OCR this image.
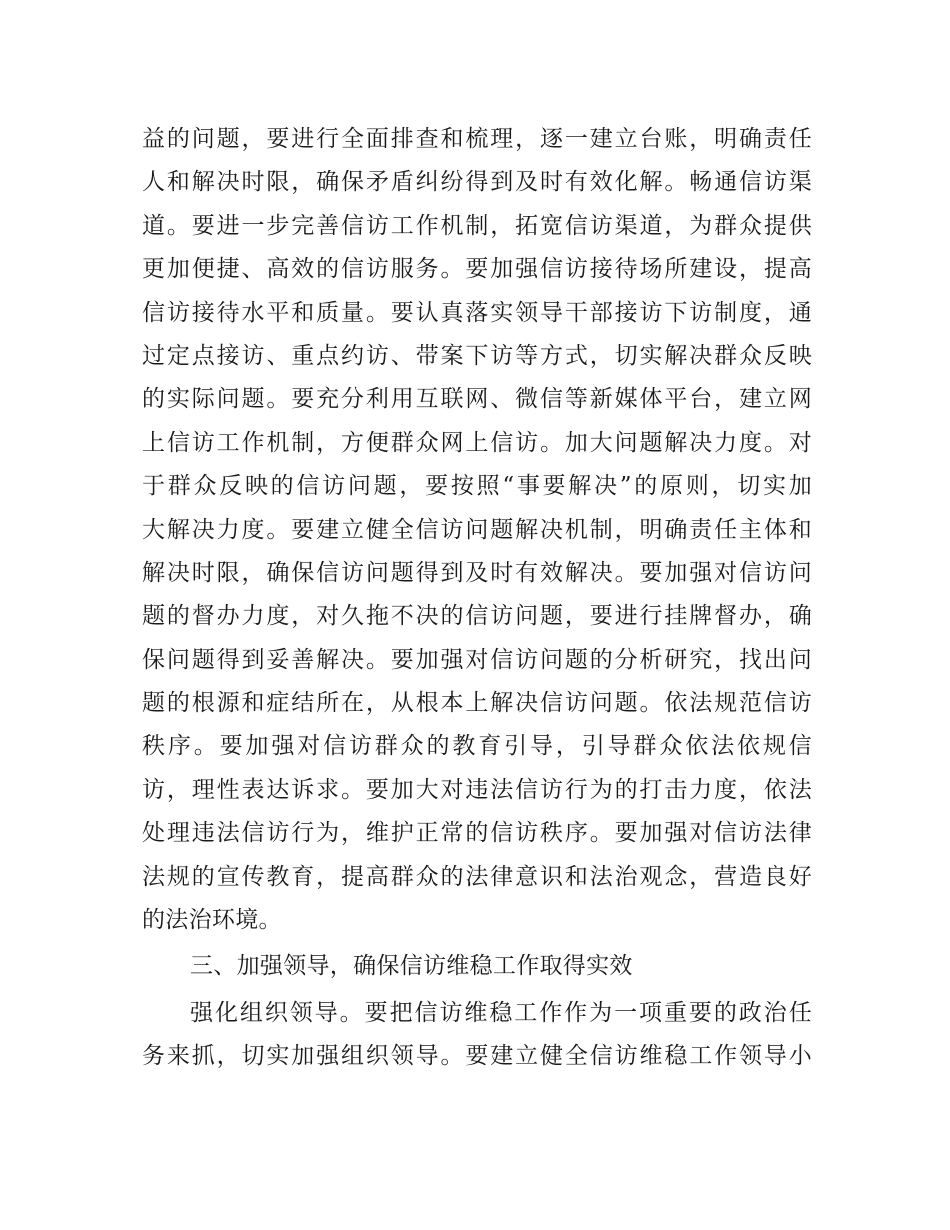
益的问题，要进行全面排查和梳理，逐一建立台账，明确责任
人和解决时限，确保矛盾纠纷得到及时有效化解。畅通信访渠
道。要进一步完善信访工作机制，拓宽信访渠道，为群众提供
更加便捷、高效的信访服务。要加强信访接待场所建设，提高
信访接待水平和质量。要认真落实领导干部接访下访制度，通
过定点接访、重点约访、带案下访等方式，切实解决群众反映
的实际问题。要充分利用互联网、微信等新媒体平台，建立网
上信访工作机制，方便群众网上信访。加大问题解决力度。对
于群众反映的信访问题，要按照“事要解决”的原则，切实加
大解决力度。要建立健全信访问题解决机制，明确责任主体和
解决时限，确保信访问题得到及时有效解决。要加强对信访问
题的督办力度，对久拖不决的信访问题，要进行挂牌督办，确
保问题得到妥善解决。要加强对信访问题的分析研究，找出问
题的根源和症结所在，从根本上解决信访问题。依法规范信访
秩序。要加强对信访群众的教育引导，引导群众依法依规信
访，理性表达诉求。要加大对违法信访行为的打击力度，依法
处理违法信访行为，维护正常的信访秩序。要加强对信访法律
法规的宣传教育，提高群众的法律意识和法治观念，营造良好
的法治环境。
三、加强领导，确保信访维稳工作取得实效
强化组织领导。要把信访维稳工作作为一项重要的政治任
务来抓，切实加强组织领导。要建立健全信访维稳工作领导小
